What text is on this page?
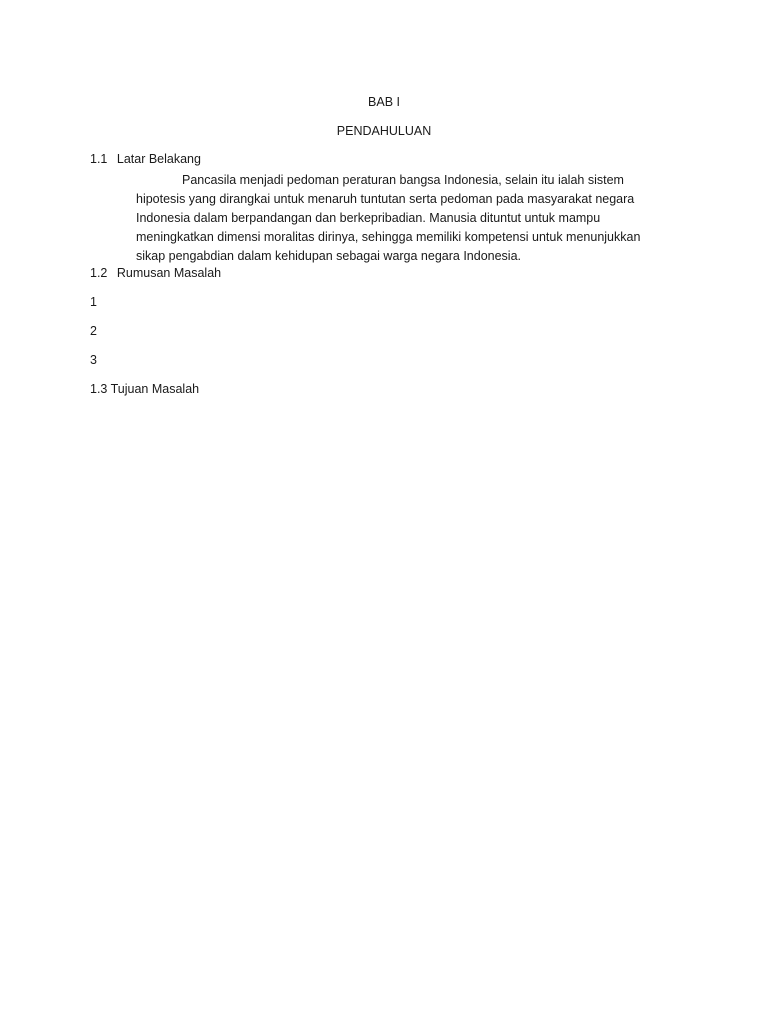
BAB I
PENDAHULUAN
1.1 Latar Belakang
Pancasila menjadi pedoman peraturan bangsa Indonesia, selain itu ialah sistem
hipotesis yang dirangkai untuk menaruh tuntutan serta pedoman pada masyarakat negara
Indonesia dalam berpandangan dan berkepribadian. Manusia dituntut untuk mampu
meningkatkan dimensi moralitas dirinya, sehingga memiliki kompetensi untuk menunjukkan
sikap pengabdian dalam kehidupan sebagai warga negara Indonesia.
1.2 Rumusan Masalah
1
2
3
1.3 Tujuan Masalah
